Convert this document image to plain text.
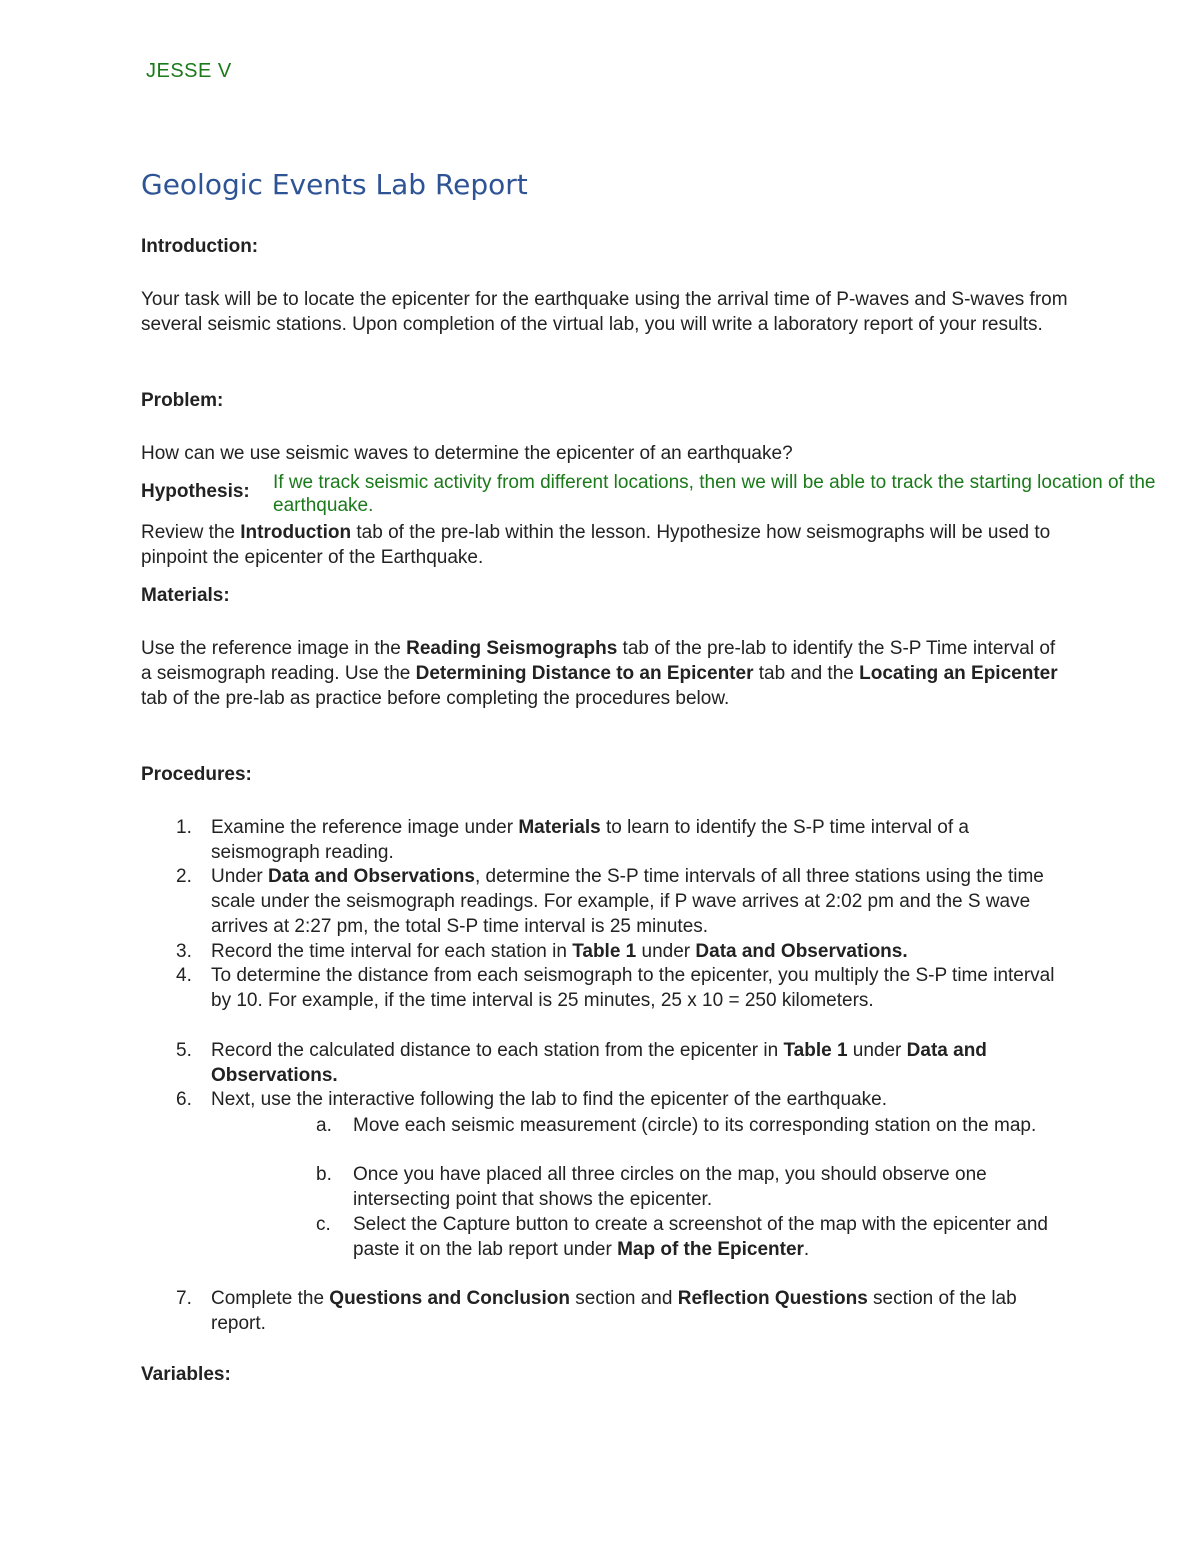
JESSE V
Geologic Events Lab Report
Introduction:
Your task will be to locate the epicenter for the earthquake using the arrival time of P-waves and S-waves from several seismic stations. Upon completion of the virtual lab, you will write a laboratory report of your results.
Problem:
How can we use seismic waves to determine the epicenter of an earthquake?
Hypothesis: If we track seismic activity from different locations, then we will be able to track the starting location of the earthquake.
Review the Introduction tab of the pre-lab within the lesson. Hypothesize how seismographs will be used to pinpoint the epicenter of the Earthquake.
Materials:
Use the reference image in the Reading Seismographs tab of the pre-lab to identify the S-P Time interval of a seismograph reading. Use the Determining Distance to an Epicenter tab and the Locating an Epicenter tab of the pre-lab as practice before completing the procedures below.
Procedures:
1. Examine the reference image under Materials to learn to identify the S-P time interval of a seismograph reading.
2. Under Data and Observations, determine the S-P time intervals of all three stations using the time scale under the seismograph readings. For example, if P wave arrives at 2:02 pm and the S wave arrives at 2:27 pm, the total S-P time interval is 25 minutes.
3. Record the time interval for each station in Table 1 under Data and Observations.
4. To determine the distance from each seismograph to the epicenter, you multiply the S-P time interval by 10. For example, if the time interval is 25 minutes, 25 x 10 = 250 kilometers.
5. Record the calculated distance to each station from the epicenter in Table 1 under Data and Observations.
6. Next, use the interactive following the lab to find the epicenter of the earthquake.
a. Move each seismic measurement (circle) to its corresponding station on the map.
b. Once you have placed all three circles on the map, you should observe one intersecting point that shows the epicenter.
c. Select the Capture button to create a screenshot of the map with the epicenter and paste it on the lab report under Map of the Epicenter.
7. Complete the Questions and Conclusion section and Reflection Questions section of the lab report.
Variables:
